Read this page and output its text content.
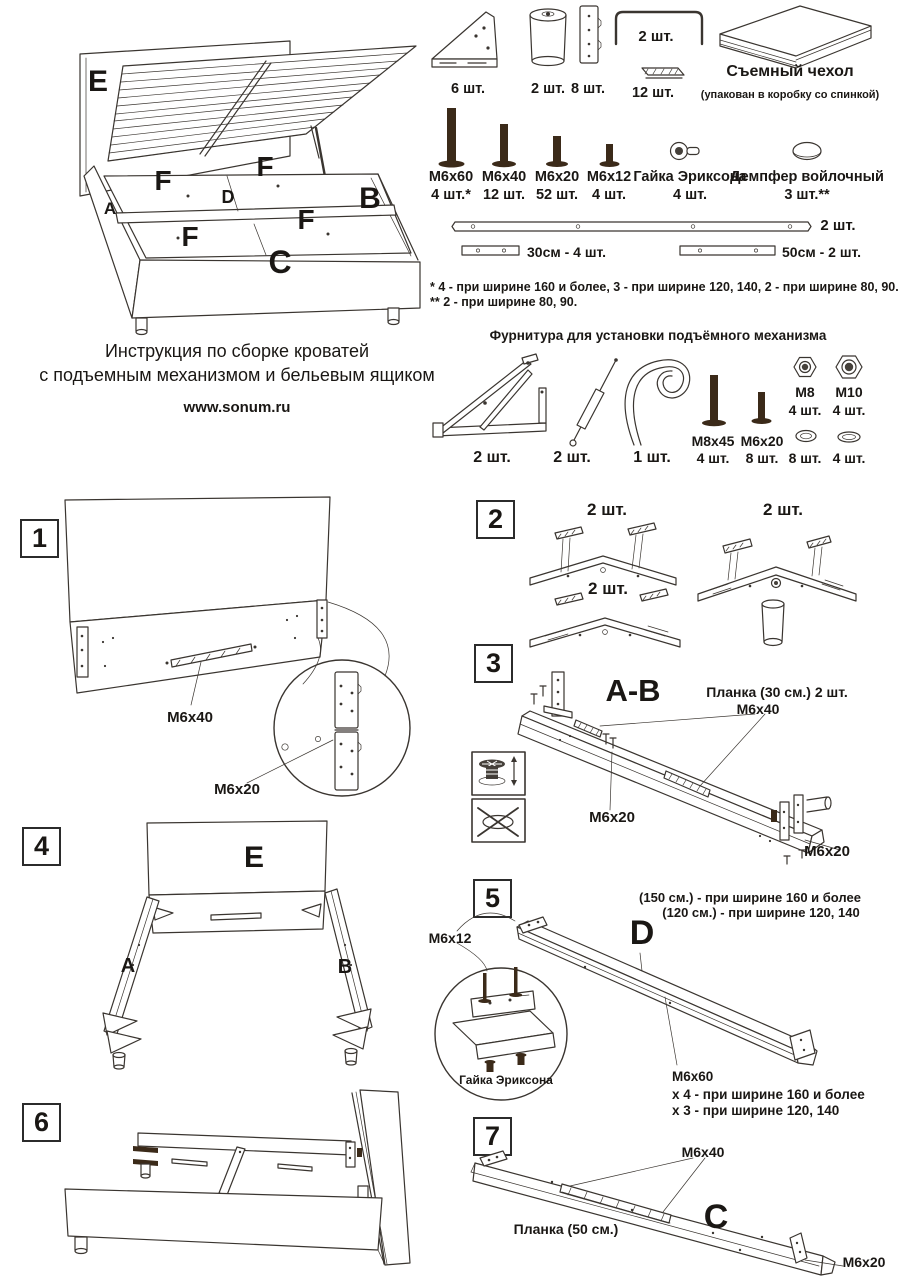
E
F	F
B
A
D
F
F
C
Инструкция по сборке кроватей
с подъемным механизмом и бельевым ящиком
www.sonum.ru
6 шт.	2 шт. 8 шт.
2 шт.
12 шт.
Съемный чехол
(упакован в коробку со спинкой)
M6x60
4 шт.*
M6x40
12 шт.
M6x20
52 шт.
M6x12
4 шт.
Гайка Эриксона
4 шт.
Демпфер войлочный
3 шт.**
2 шт.
30см - 4 шт.	50см - 2 шт.
* 4 - при ширине 160 и более, 3 - при ширине 120, 140, 2 - при ширине 80, 90.
** 2 - при ширине 80, 90.
Фурнитура для установки подъёмного механизма
2 шт.	2 шт.	1 шт.
M8x45
4 шт.
M6x20
8 шт.
M8
4 шт.
M10
4 шт.
8 шт. 4 шт.
1
M6x40
M6x20
2	2 шт.	2 шт.
2 шт.
3
А-В	Планка (30 см.) 2 шт.
M6x40
M6x20
M6x20
4	E
A	B
5	(150 см.) - при ширине 160 и более
(120 см.) - при ширине 120, 140
D
M6x12
Гайка Эриксона	M6x60
х 4 - при ширине 160 и более
х 3 - при ширине 120, 140
6	7
M6x40
Планка (50 см.)	C
M6x20
